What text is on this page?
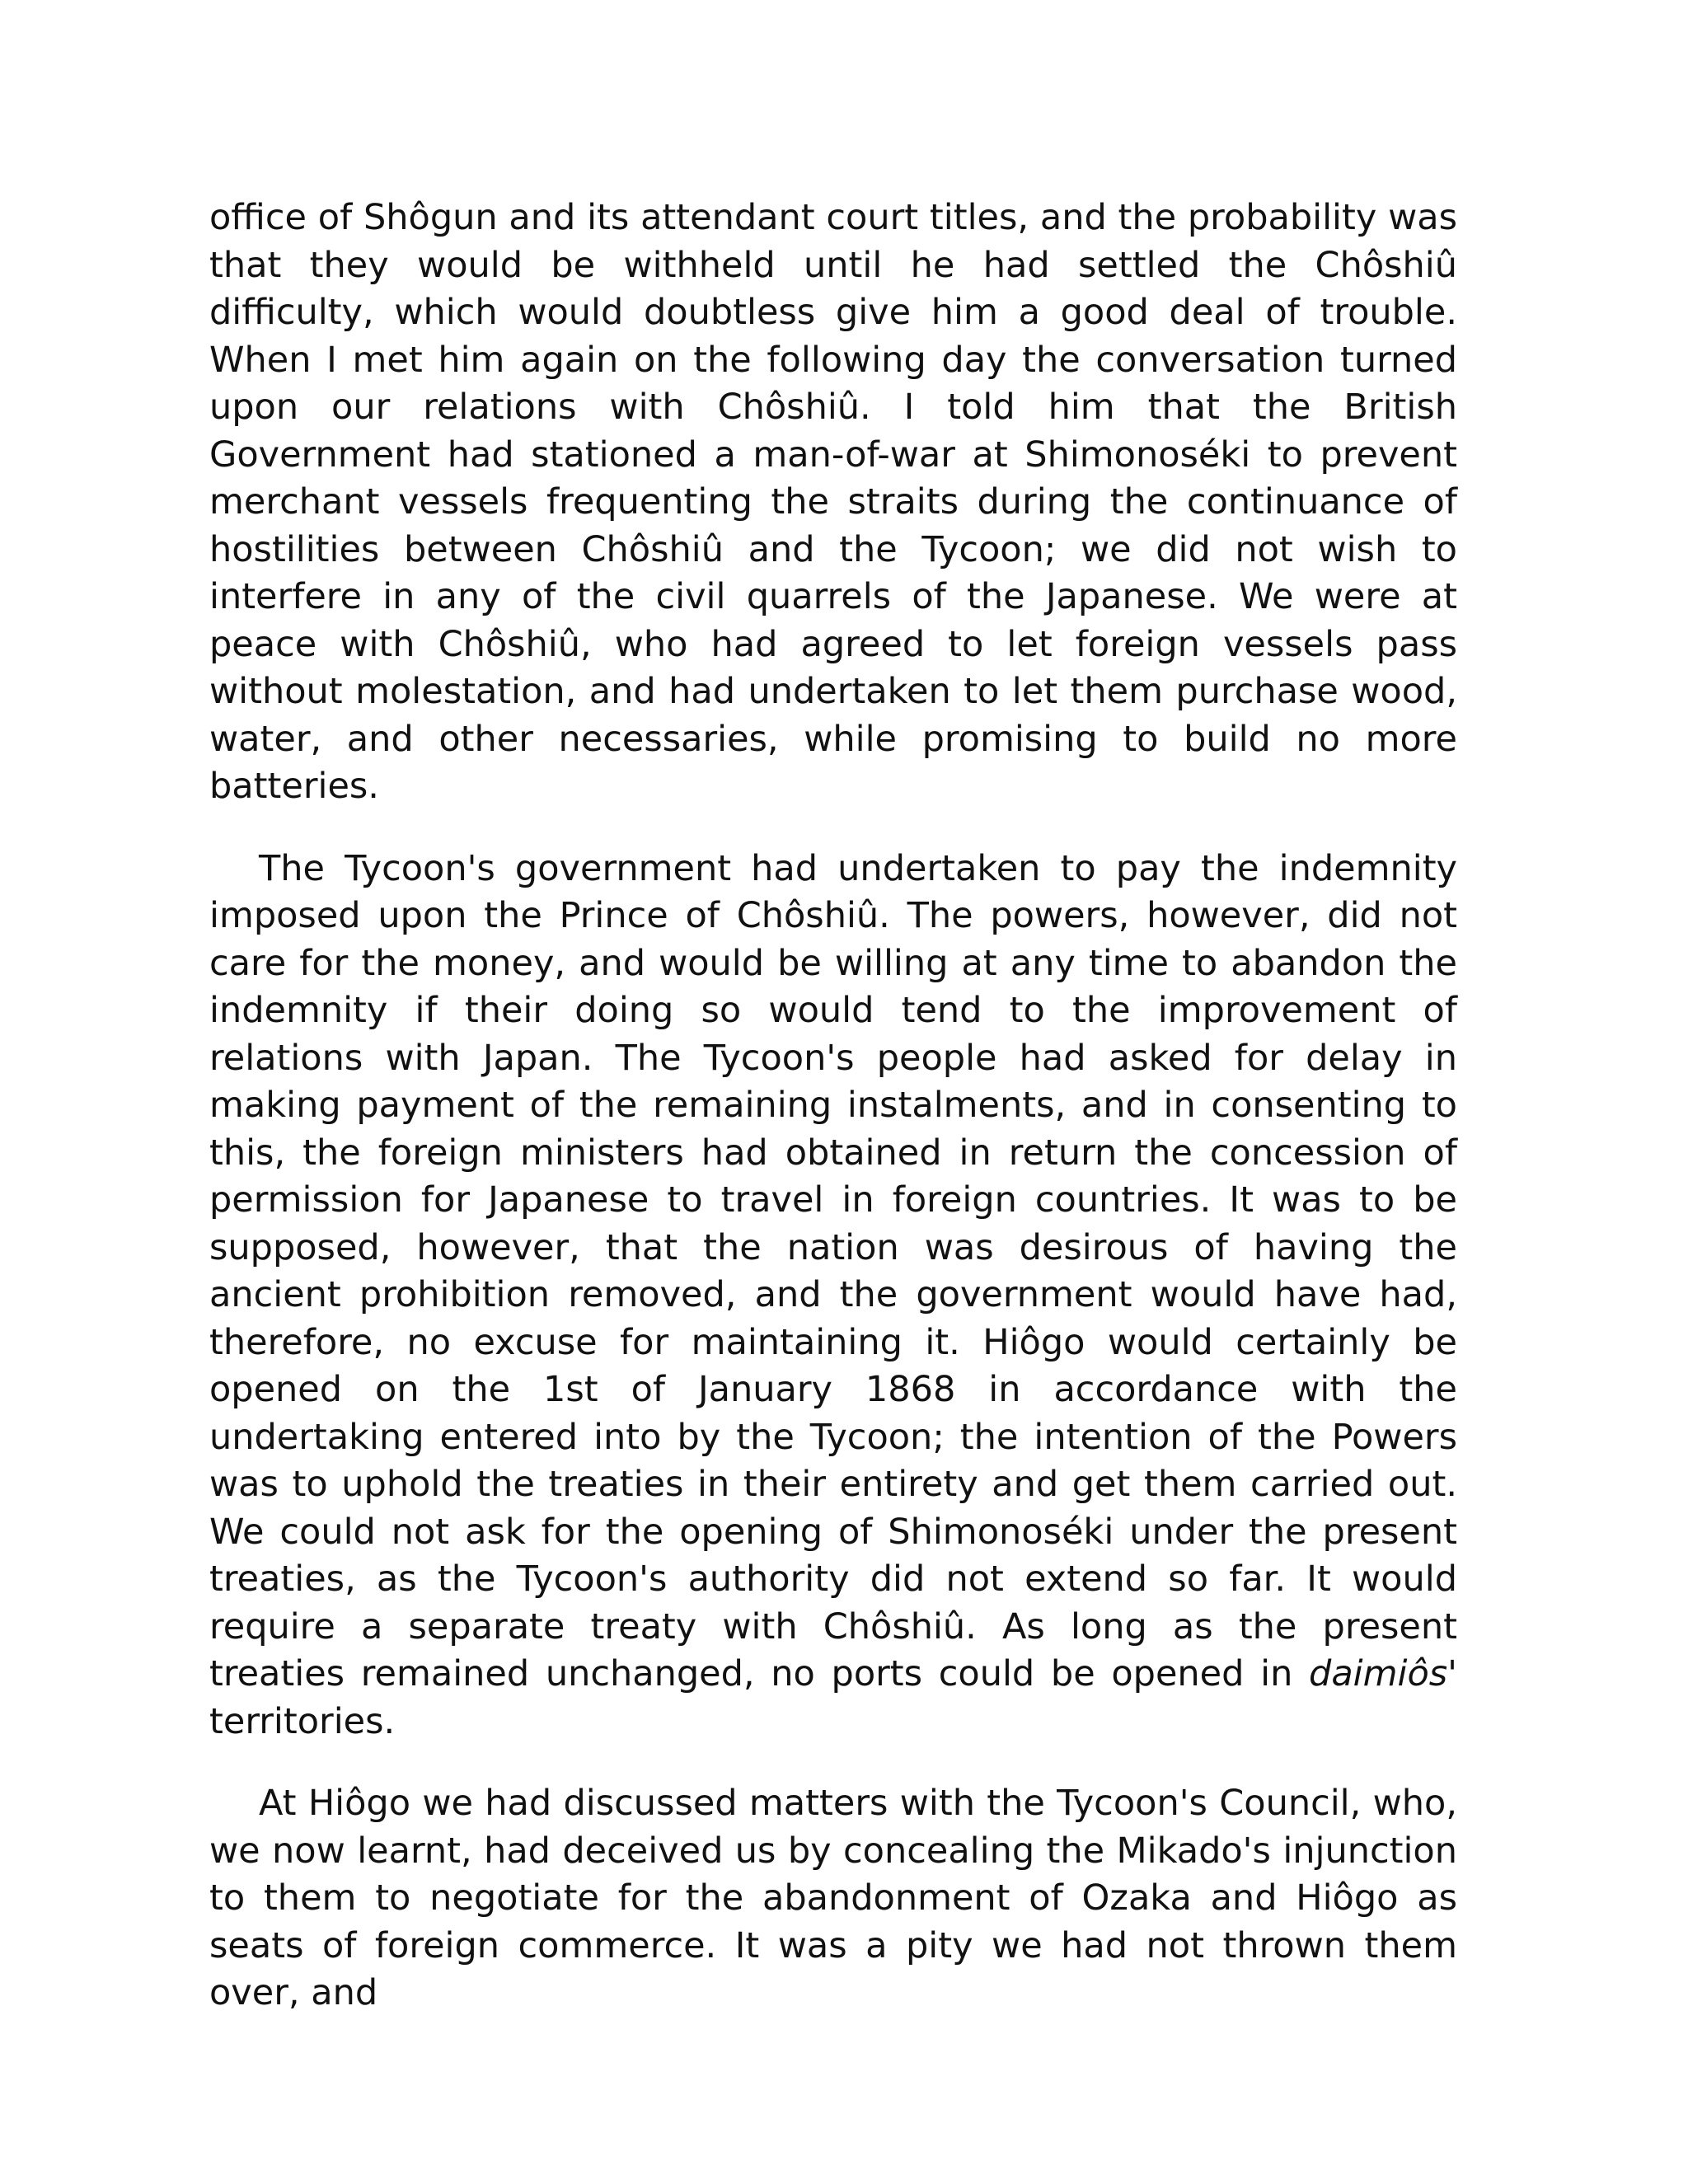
office of Shôgun and its attendant court titles, and the probability was that they would be withheld until he had settled the Chôshiû difficulty, which would doubtless give him a good deal of trouble. When I met him again on the following day the conversation turned upon our relations with Chôshiû. I told him that the British Government had stationed a man-of-war at Shimonoséki to prevent merchant vessels frequenting the straits during the continuance of hostilities between Chôshiû and the Tycoon; we did not wish to interfere in any of the civil quarrels of the Japanese. We were at peace with Chôshiû, who had agreed to let foreign vessels pass without molestation, and had undertaken to let them purchase wood, water, and other necessaries, while promising to build no more batteries.

The Tycoon's government had undertaken to pay the indemnity imposed upon the Prince of Chôshiû. The powers, however, did not care for the money, and would be willing at any time to abandon the indemnity if their doing so would tend to the improvement of relations with Japan. The Tycoon's people had asked for delay in making payment of the remaining instalments, and in consenting to this, the foreign ministers had obtained in return the concession of permission for Japanese to travel in foreign countries. It was to be supposed, however, that the nation was desirous of having the ancient prohibition removed, and the government would have had, therefore, no excuse for maintaining it. Hiôgo would certainly be opened on the 1st of January 1868 in accordance with the undertaking entered into by the Tycoon; the intention of the Powers was to uphold the treaties in their entirety and get them carried out. We could not ask for the opening of Shimonoséki under the present treaties, as the Tycoon's authority did not extend so far. It would require a separate treaty with Chôshiû. As long as the present treaties remained unchanged, no ports could be opened in daimiôs' territories.

At Hiôgo we had discussed matters with the Tycoon's Council, who, we now learnt, had deceived us by concealing the Mikado's injunction to them to negotiate for the abandonment of Ozaka and Hiôgo as seats of foreign commerce. It was a pity we had not thrown them over, and
